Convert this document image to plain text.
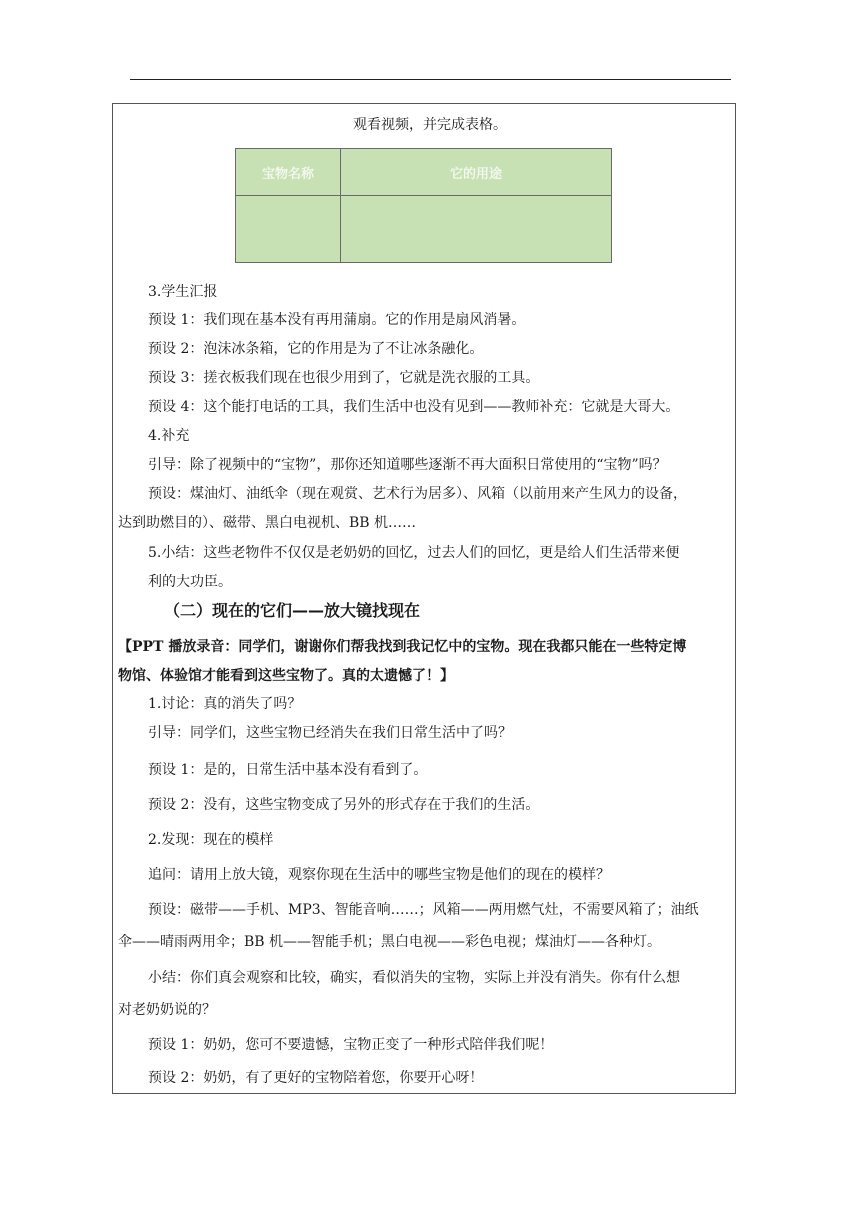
观看视频，并完成表格。
宝物名称	它的用途

3.学生汇报
预设 1：我们现在基本没有再用蒲扇。它的作用是扇风消暑。
预设 2：泡沫冰条箱，它的作用是为了不让冰条融化。
预设 3：搓衣板我们现在也很少用到了，它就是洗衣服的工具。
预设 4：这个能打电话的工具，我们生活中也没有见到——教师补充：它就是大哥大。
4.补充
引导：除了视频中的“宝物”，那你还知道哪些逐渐不再大面积日常使用的“宝物”吗？
预设：煤油灯、油纸伞（现在观赏、艺术行为居多）、风箱（以前用来产生风力的设备，
达到助燃目的）、磁带、黑白电视机、BB 机……
5.小结：这些老物件不仅仅是老奶奶的回忆，过去人们的回忆，更是给人们生活带来便
利的大功臣。
（二）现在的它们——放大镜找现在
【PPT 播放录音：同学们，谢谢你们帮我找到我记忆中的宝物。现在我都只能在一些特定博
物馆、体验馆才能看到这些宝物了。真的太遗憾了！】
1.讨论：真的消失了吗？
引导：同学们，这些宝物已经消失在我们日常生活中了吗？
预设 1：是的，日常生活中基本没有看到了。
预设 2：没有，这些宝物变成了另外的形式存在于我们的生活。
2.发现：现在的模样
追问：请用上放大镜，观察你现在生活中的哪些宝物是他们的现在的模样？
预设：磁带——手机、MP3、智能音响……；风箱——两用燃气灶，不需要风箱了；油纸
伞——晴雨两用伞；BB 机——智能手机；黑白电视——彩色电视；煤油灯——各种灯。
小结：你们真会观察和比较，确实，看似消失的宝物，实际上并没有消失。你有什么想
对老奶奶说的？
预设 1：奶奶，您可不要遗憾，宝物正变了一种形式陪伴我们呢！
预设 2：奶奶，有了更好的宝物陪着您，你要开心呀！
